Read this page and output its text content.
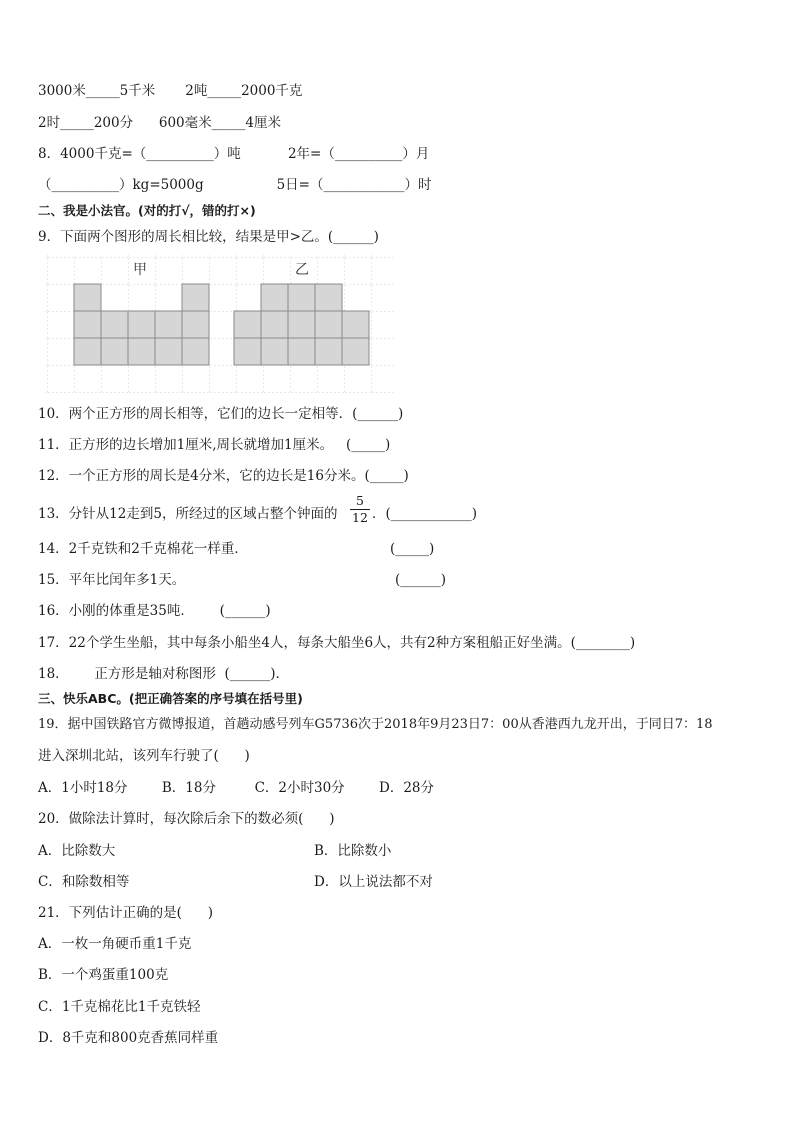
3000米_____5千米       2吨_____2000千克
2时_____200分      600毫米_____4厘米
8．4000千克=（__________）吨           2年=（__________）月
（__________）kg=5000g                 5日=（____________）时
二、我是小法官。(对的打√，错的打×)
9．下面两个图形的周长相比较，结果是甲>乙。(______)
甲	乙
10．两个正方形的周长相等，它们的边长一定相等．(______)
11．正方形的边长增加1厘米,周长就增加1厘米。   (_____)
12．一个正方形的周长是4分米，它的边长是16分米。(_____)
13．分针从12走到5，所经过的区域占整个钟面的
5
12 ．(____________)
14．2千克铁和2千克棉花一样重．	(_____)
15．平年比闰年多1天。	(______)
16．小刚的体重是35吨．      (______)
17．22个学生坐船，其中每条小船坐4人，每条大船坐6人，共有2种方案租船正好坐满。(________)
18．      正方形是轴对称图形  (______)．
三、快乐ABC。(把正确答案的序号填在括号里)
19．据中国铁路官方微博报道，首趟动感号列车G5736次于2018年9月23日7：00从香港西九龙开出，于同日7：18
进入深圳北站，该列车行驶了(      )
A．1小时18分        B．18分         C．2小时30分        D．28分
20．做除法计算时，每次除后余下的数必须(      )
A．比除数大	B．比除数小
C．和除数相等	D．以上说法都不对
21．下列估计正确的是(      )
A．一枚一角硬币重1千克
B．一个鸡蛋重100克
C．1千克棉花比1千克铁轻
D．8千克和800克香蕉同样重
